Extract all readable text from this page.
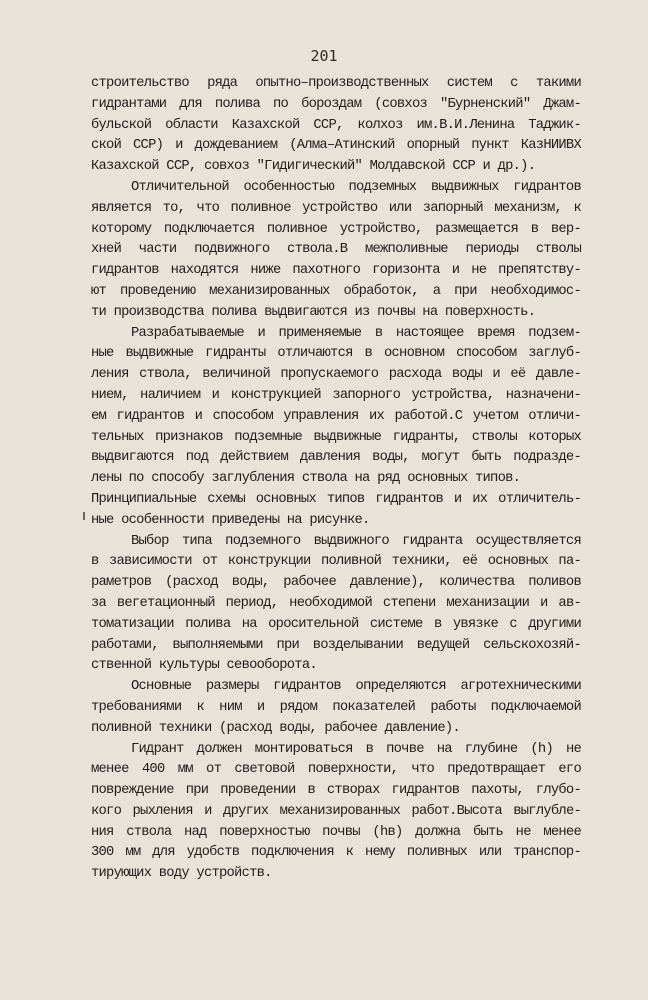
201
строительство ряда опытно–производственных систем с такими
гидрантами для полива по бороздам (совхоз "Бурненский" Джам-
бульской области Казахской ССР, колхоз им.В.И.Ленина Таджик-
ской ССР) и дождеванием (Алма–Атинский опорный пункт КазНИИВХ
Казахской ССР, совхоз "Гидигический" Молдавской ССР и др.).
Отличительной особенностью подземных выдвижных гидрантов
является то, что поливное устройство или запорный механизм, к
которому подключается поливное устройство, размещается в вер-
хней части подвижного ствола.В межполивные периоды стволы
гидрантов находятся ниже пахотного горизонта и не препятству-
ют проведению механизированных обработок, а при необходимос-
ти производства полива выдвигаются из почвы на поверхность.
Разрабатываемые и применяемые в настоящее время подзем-
ные выдвижные гидранты отличаются в основном способом заглуб-
ления ствола, величиной пропускаемого расхода воды и её давле-
нием, наличием и конструкцией запорного устройства, назначени-
ем гидрантов и способом управления их работой.С учетом отличи-
тельных признаков подземные выдвижные гидранты, стволы которых
выдвигаются под действием давления воды, могут быть подразде-
лены по способу заглубления ствола на ряд основных типов.
Принципиальные схемы основных типов гидрантов и их отличитель-
ные особенности приведены на рисунке.
Выбор типа подземного выдвижного гидранта осуществляется
в зависимости от конструкции поливной техники, её основных па-
раметров (расход воды, рабочее давление), количества поливов
за вегетационный период, необходимой степени механизации и ав-
томатизации полива на оросительной системе в увязке с другими
работами, выполняемыми при возделывании ведущей сельскохозяй-
ственной культуры севооборота.
Основные размеры гидрантов определяются агротехническими
требованиями к ним и рядом показателей работы подключаемой
поливной техники (расход воды, рабочее давление).
Гидрант должен монтироваться в почве на глубине (h) не
менее 400 мм от световой поверхности, что предотвращает его
повреждение при проведении в створах гидрантов пахоты, глубо-
кого рыхления и других механизированных работ.Высота выглубле-
ния ствола над поверхностью почвы (hв) должна быть не менее
300 мм для удобств подключения к нему поливных или транспор-
тирующих воду устройств.
